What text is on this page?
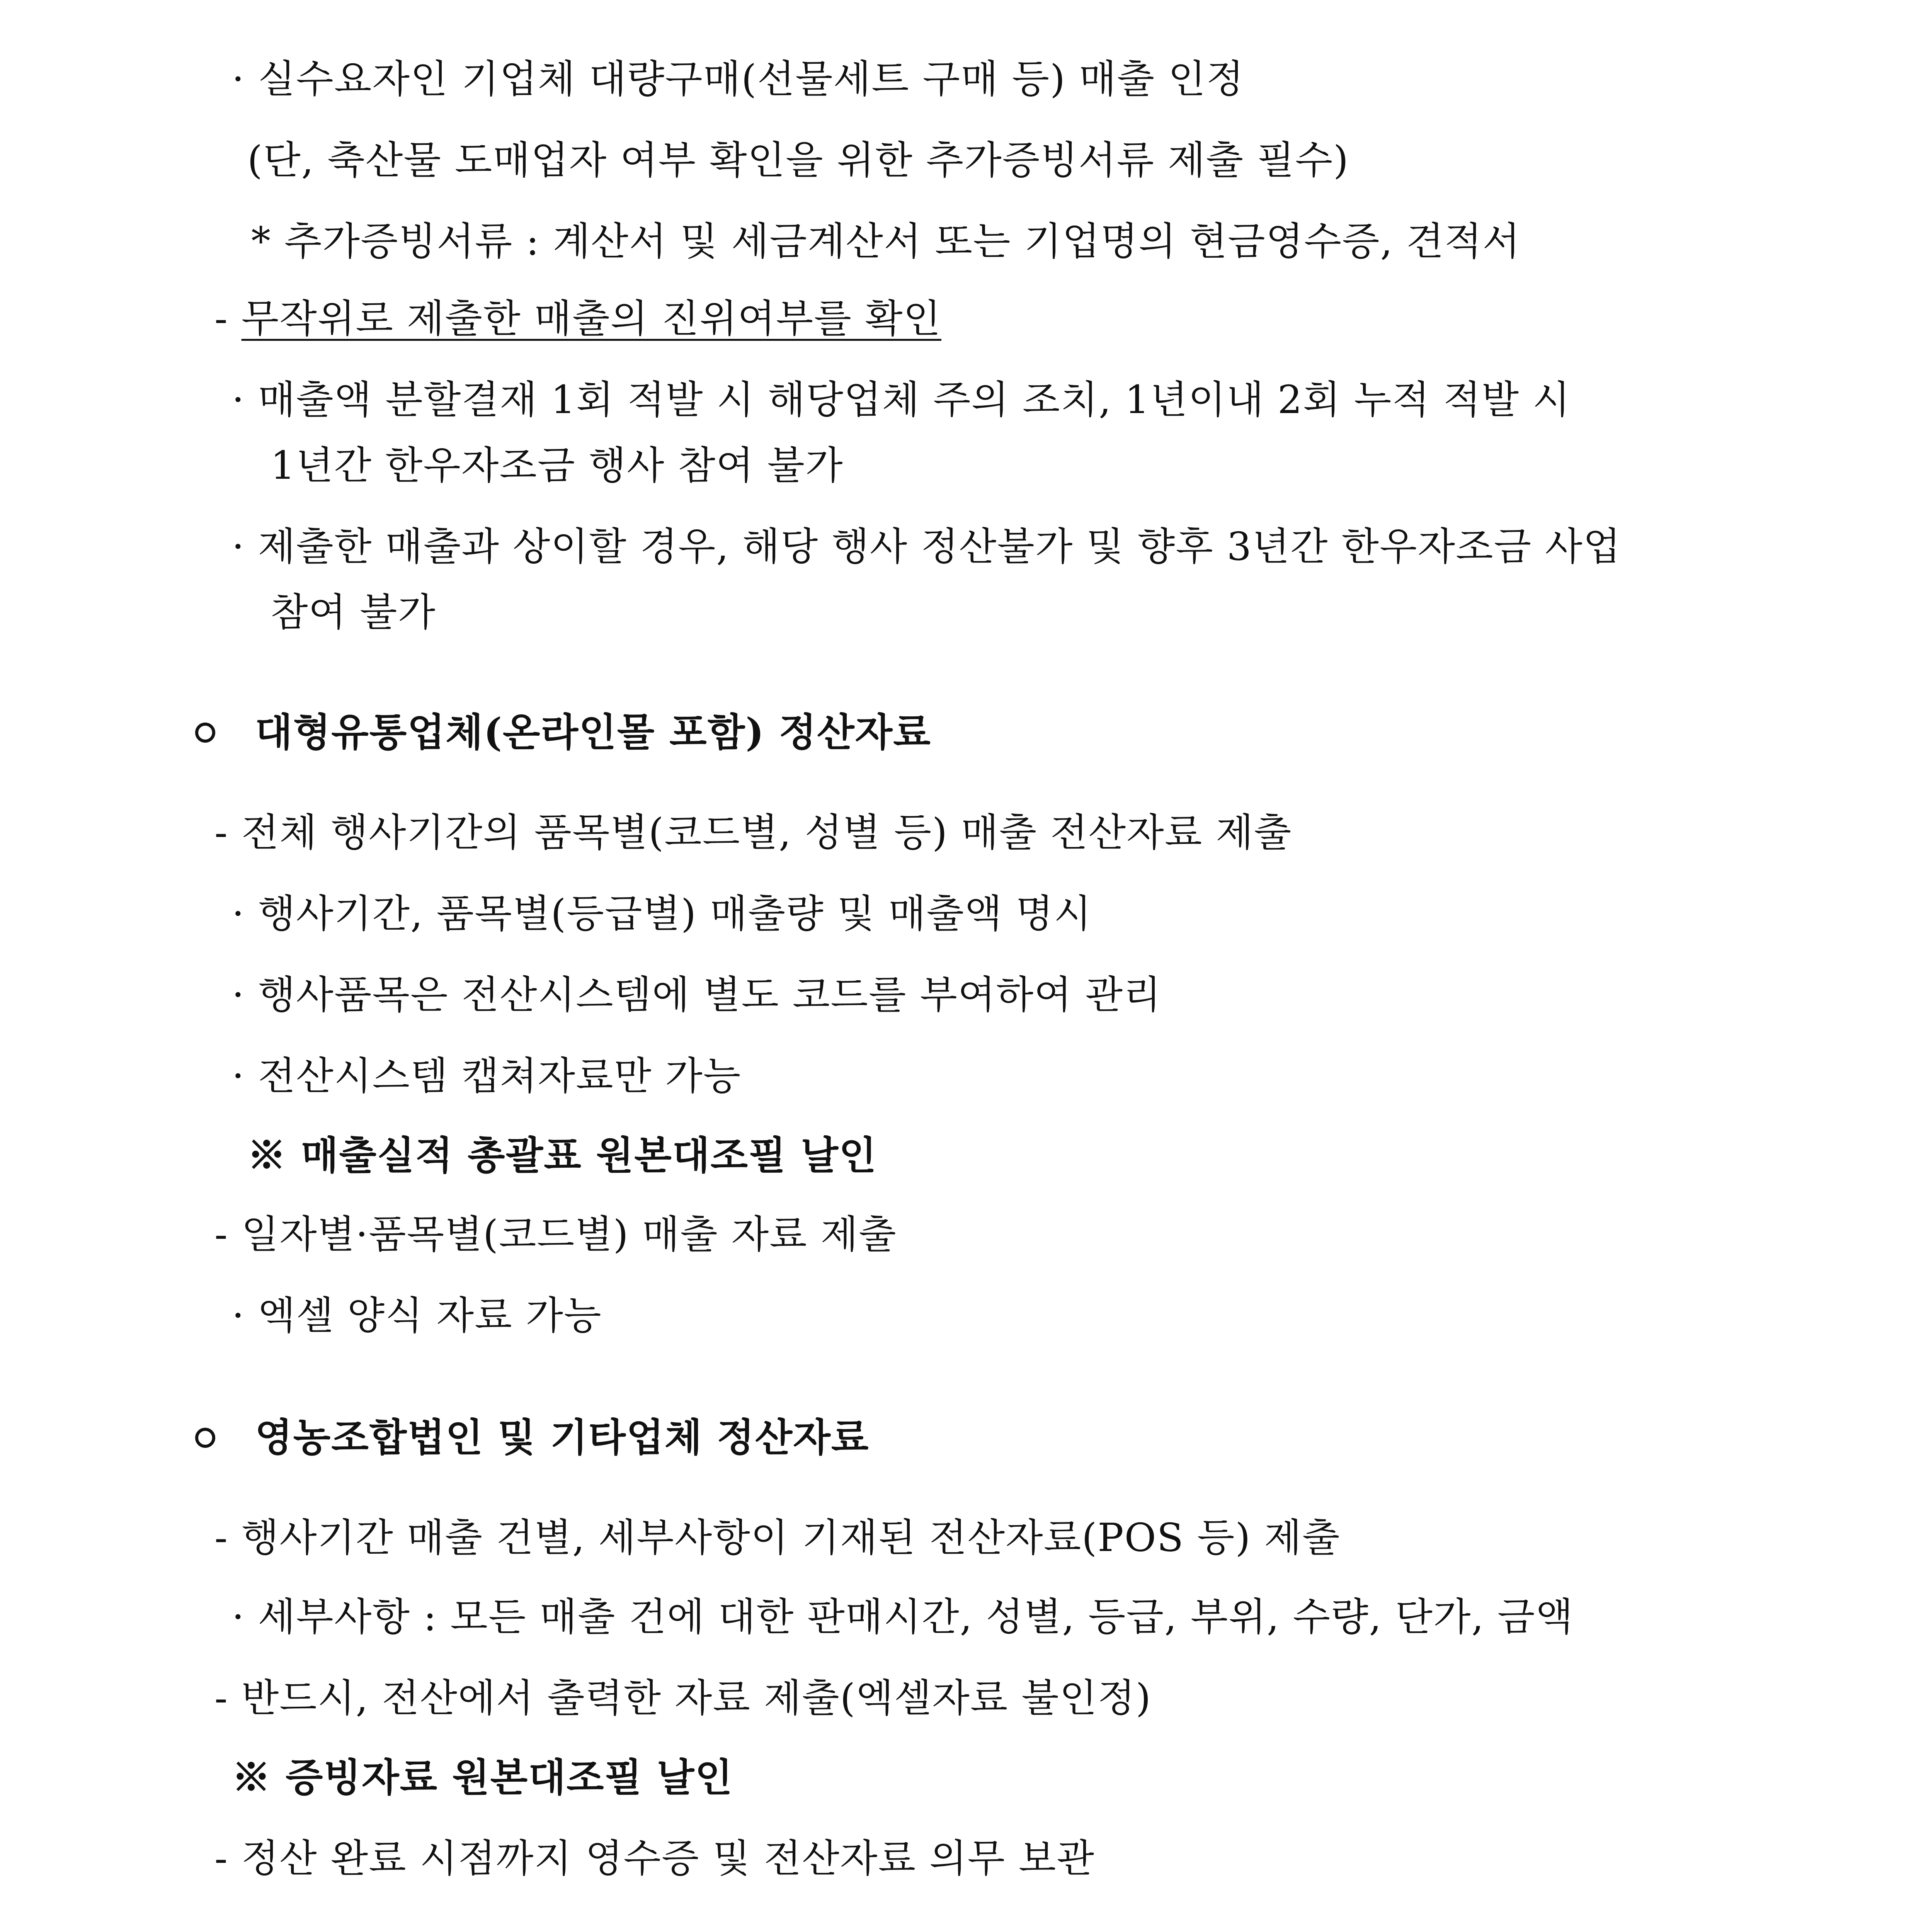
· 실수요자인 기업체 대량구매(선물세트 구매 등) 매출 인정
(단, 축산물 도매업자 여부 확인을 위한 추가증빙서류 제출 필수)
* 추가증빙서류 : 계산서 및 세금계산서 또는 기업명의 현금영수증, 견적서
- 무작위로 제출한 매출의 진위여부를 확인
· 매출액 분할결재 1회 적발 시 해당업체 주의 조치, 1년이내 2회 누적 적발 시
1년간 한우자조금 행사 참여 불가
· 제출한 매출과 상이할 경우, 해당 행사 정산불가 및 향후 3년간 한우자조금 사업
참여 불가
대형유통업체(온라인몰 포함) 정산자료
- 전체 행사기간의 품목별(코드별, 성별 등) 매출 전산자료 제출
· 행사기간, 품목별(등급별) 매출량 및 매출액 명시
· 행사품목은 전산시스템에 별도 코드를 부여하여 관리
· 전산시스템 캡쳐자료만 가능
※ 매출실적 총괄표 원본대조필 날인
- 일자별·품목별(코드별) 매출 자료 제출
· 엑셀 양식 자료 가능
영농조합법인 및 기타업체 정산자료
- 행사기간 매출 건별, 세부사항이 기재된 전산자료(POS 등) 제출
· 세부사항 : 모든 매출 건에 대한 판매시간, 성별, 등급, 부위, 수량, 단가, 금액
- 반드시, 전산에서 출력한 자료 제출(엑셀자료 불인정)
※ 증빙자료 원본대조필 날인
- 정산 완료 시점까지 영수증 및 전산자료 의무 보관
